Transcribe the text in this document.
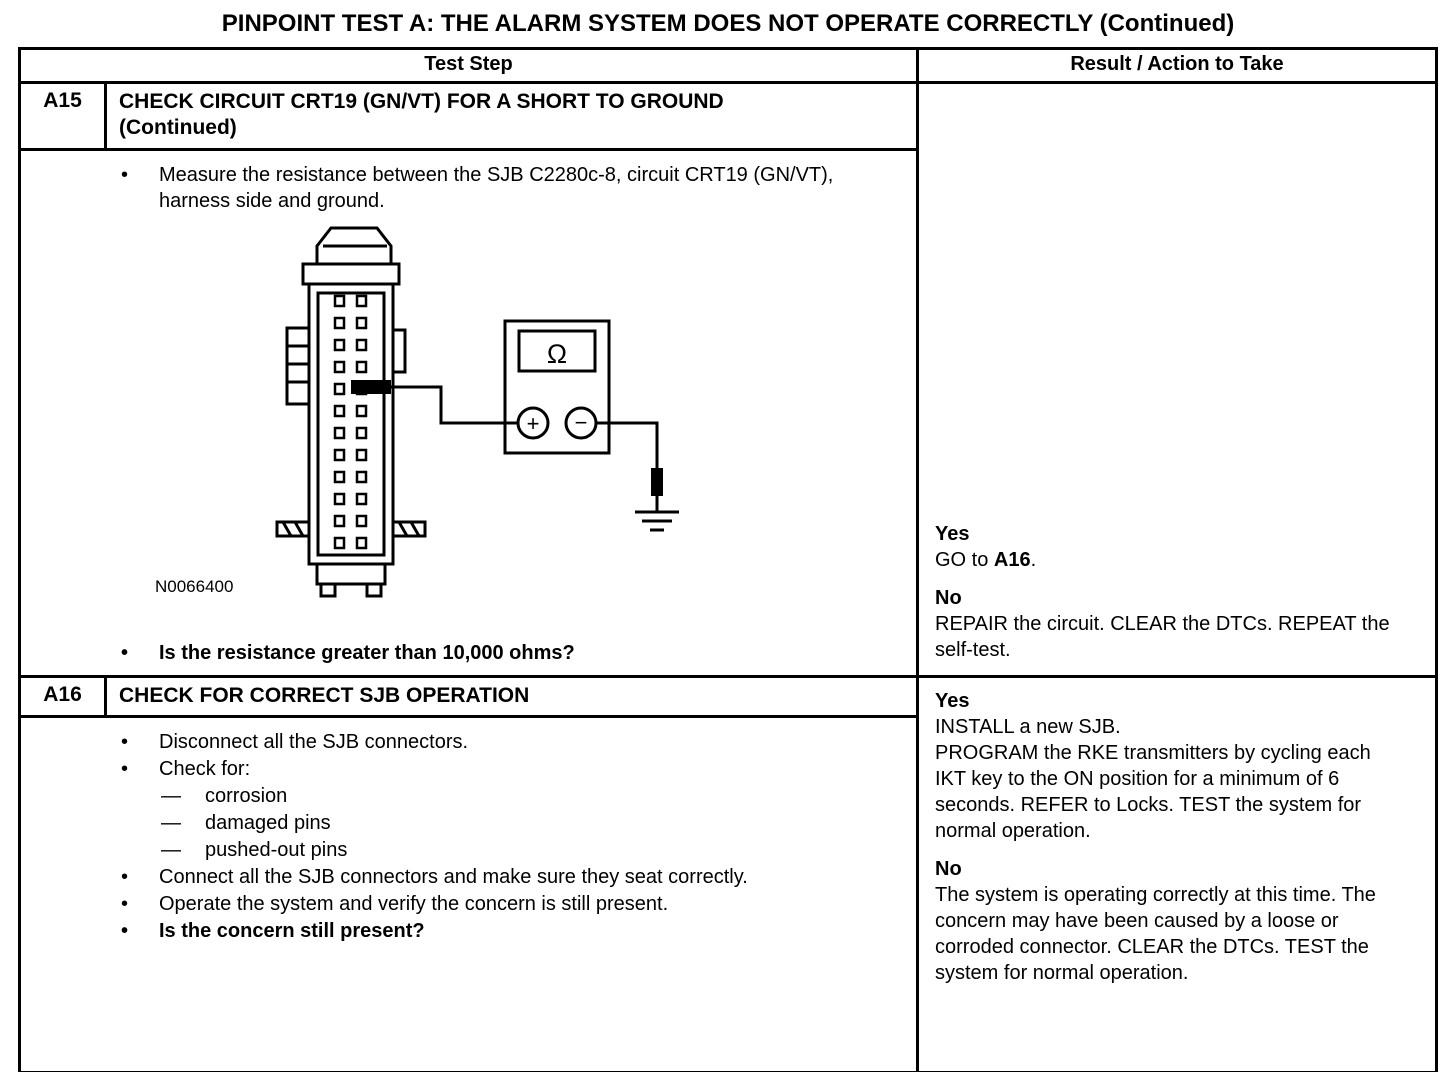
PINPOINT TEST A: THE ALARM SYSTEM DOES NOT OPERATE CORRECTLY (Continued)
Test Step	Result / Action to Take
A15	CHECK CIRCUIT CRT19 (GN/VT) FOR A SHORT TO GROUND
(Continued)
•	Measure the resistance between the SJB C2280c-8, circuit CRT19 (GN/VT), harness side and ground.
Ω
+ −
N0066400
•	Is the resistance greater than 10,000 ohms?
Yes
GO to A16.
No
REPAIR the circuit. CLEAR the DTCs. REPEAT the self-test.
A16	CHECK FOR CORRECT SJB OPERATION
•	Disconnect all the SJB connectors.
•	Check for:
—	corrosion
—	damaged pins
—	pushed-out pins
•	Connect all the SJB connectors and make sure they seat correctly.
•	Operate the system and verify the concern is still present.
•	Is the concern still present?
Yes
INSTALL a new SJB.
PROGRAM the RKE transmitters by cycling each IKT key to the ON position for a minimum of 6 seconds. REFER to Locks. TEST the system for normal operation.
No
The system is operating correctly at this time. The concern may have been caused by a loose or corroded connector. CLEAR the DTCs. TEST the system for normal operation.
